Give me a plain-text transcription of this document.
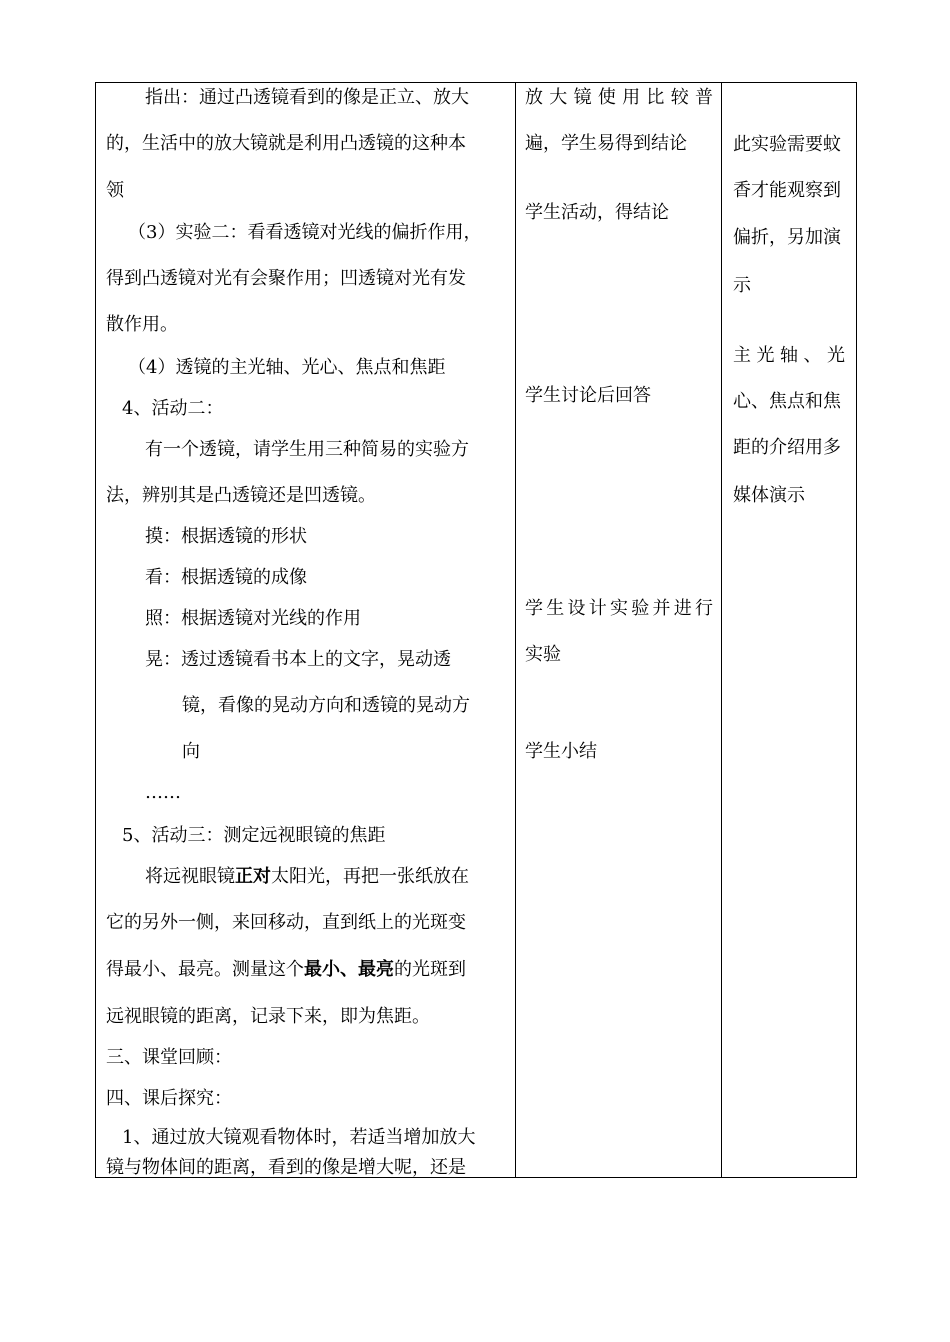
指出：通过凸透镜看到的像是正立、放大
的，生活中的放大镜就是利用凸透镜的这种本
领
（3）实验二：看看透镜对光线的偏折作用，
得到凸透镜对光有会聚作用；凹透镜对光有发
散作用。
（4）透镜的主光轴、光心、焦点和焦距
4、活动二：
有一个透镜，请学生用三种简易的实验方
法，辨别其是凸透镜还是凹透镜。
摸：根据透镜的形状
看：根据透镜的成像
照：根据透镜对光线的作用
晃：透过透镜看书本上的文字，晃动透
镜，看像的晃动方向和透镜的晃动方
向
……
5、活动三：测定远视眼镜的焦距
将远视眼镜正对太阳光，再把一张纸放在
它的另外一侧，来回移动，直到纸上的光斑变
得最小、最亮。测量这个最小、最亮的光斑到
远视眼镜的距离，记录下来，即为焦距。
三、课堂回顾：
四、课后探究：
1、通过放大镜观看物体时，若适当增加放大
镜与物体间的距离，看到的像是增大呢，还是
放 大 镜 使 用 比 较 普
遍，学生易得到结论
学生活动，得结论
学生讨论后回答
学 生 设 计 实 验 并 进 行
实验
学生小结
此实验需要蚊
香才能观察到
偏折，另加演
示
主 光 轴 、 光
心、焦点和焦
距的介绍用多
媒体演示
